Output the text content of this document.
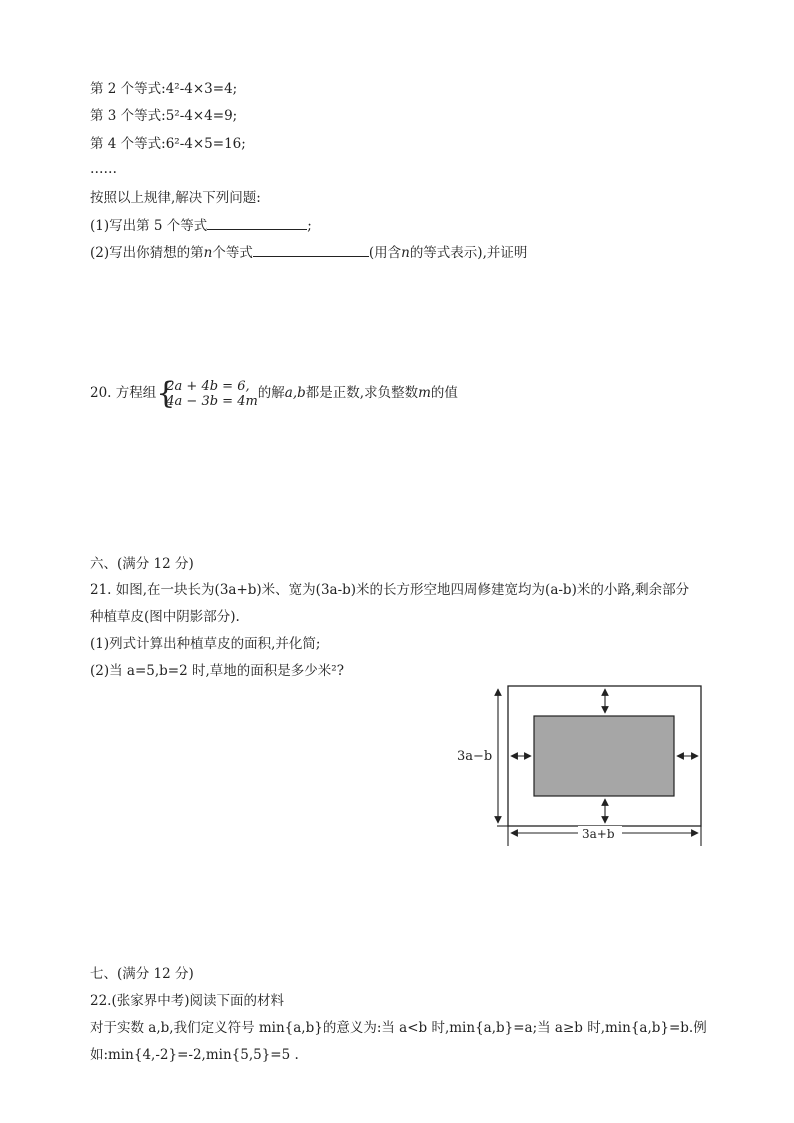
第 2 个等式:4²-4×3=4;
第 3 个等式:5²-4×4=9;
第 4 个等式:6²-4×5=16;
……
按照以上规律,解决下列问题:
(1)写出第 5 个等式	;
(2)写出你猜想的第n个等式	(用含n的等式表示),并证明
20. 方程组 {
2a + 4b = 6,
4a − 3b = 4m 的解a,b都是正数,求负整数m的值
六、(满分 12 分)
21. 如图,在一块长为(3a+b)米、宽为(3a-b)米的长方形空地四周修建宽均为(a-b)米的小路,剩余部分
种植草皮(图中阴影部分).
(1)列式计算出种植草皮的面积,并化简;
(2)当 a=5,b=2 时,草地的面积是多少米²?
3a−b
3a+b
七、(满分 12 分)
22.(张家界中考)阅读下面的材料
对于实数 a,b,我们定义符号 min{a,b}的意义为:当 a<b 时,min{a,b}=a;当 a≥b 时,min{a,b}=b.例
如:min{4,-2}=-2,min{5,5}=5 .
